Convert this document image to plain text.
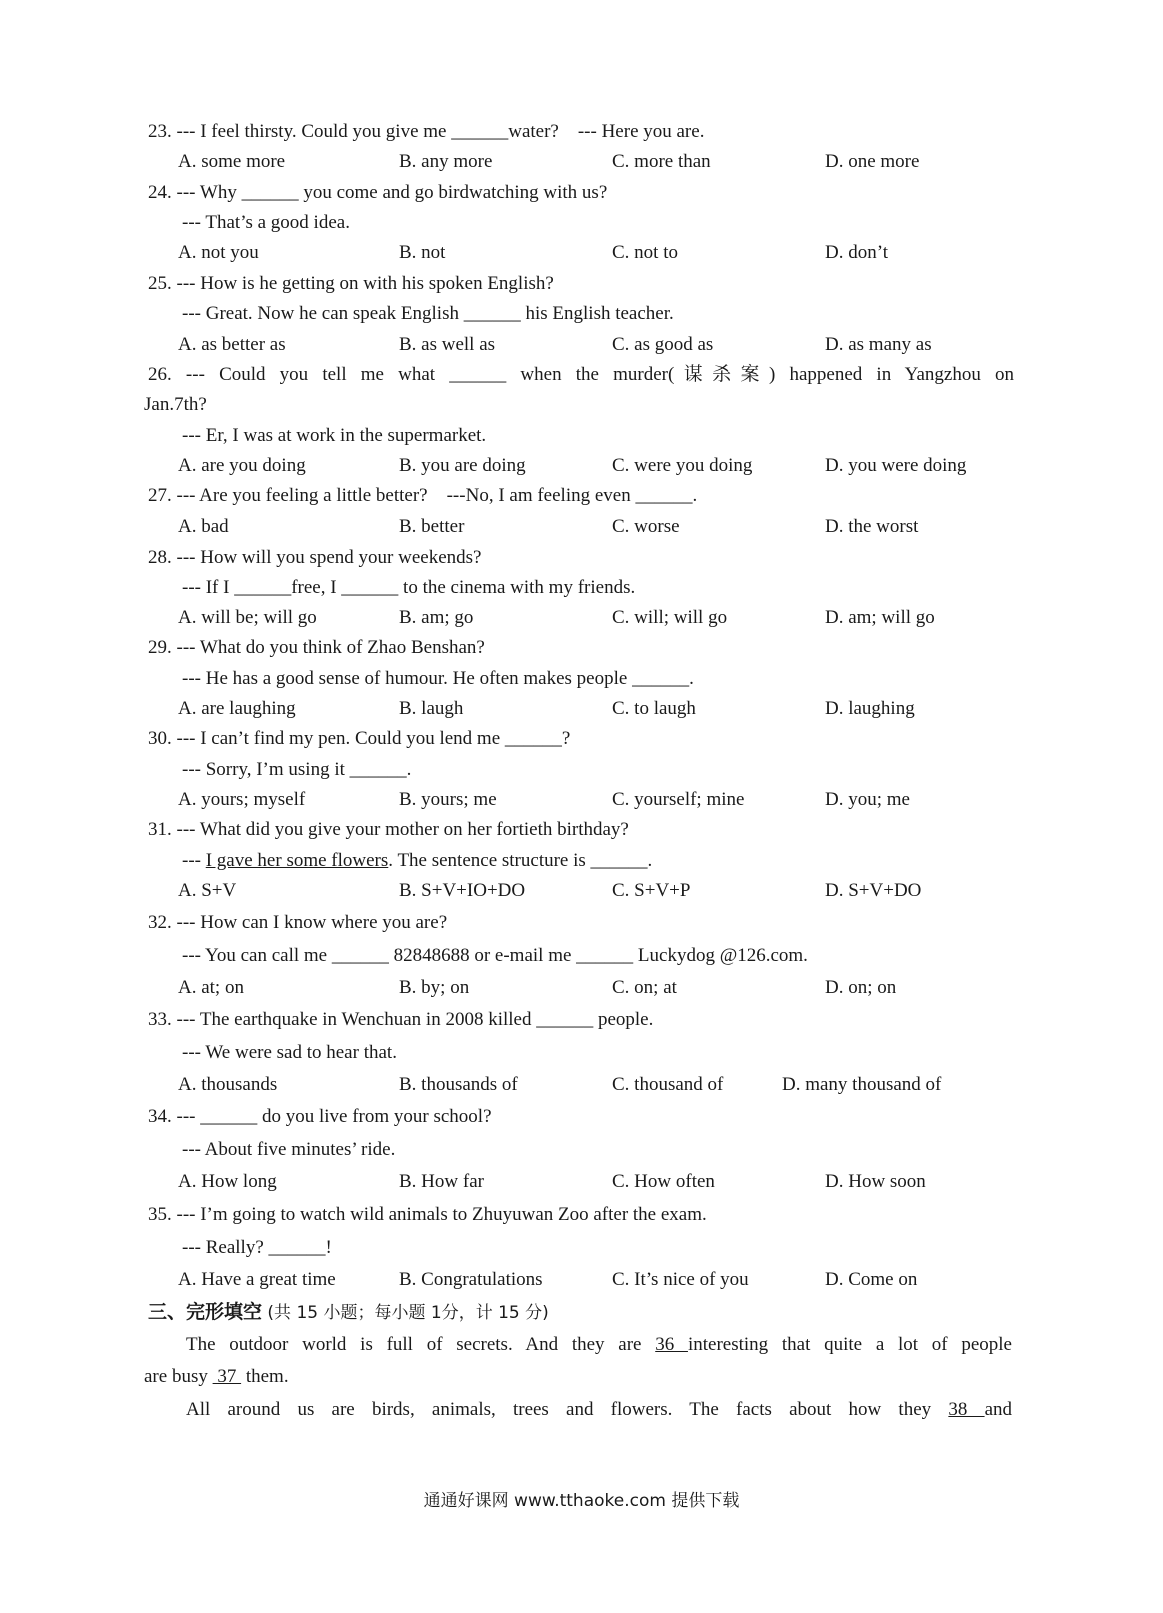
23. --- I feel thirsty. Could you give me ______water?    --- Here you are.
A. some more	B. any more	C. more than	D. one more
24. --- Why ______ you come and go birdwatching with us?
--- That’s a good idea.
A. not you	B. not	C. not to	D. don’t
25. --- How is he getting on with his spoken English?
--- Great. Now he can speak English ______ his English teacher.
A. as better as	B. as well as	C. as good as	D. as many as
26. --- Could you tell me what ______ when the murder(谋杀案) happened in Yangzhou on
Jan.7th?
--- Er, I was at work in the supermarket.
A. are you doing	B. you are doing	C. were you doing	D. you were doing
27. --- Are you feeling a little better?    ---No, I am feeling even ______.
A. bad	B. better	C. worse	D. the worst
28. --- How will you spend your weekends?
--- If I ______free, I ______ to the cinema with my friends.
A. will be; will go	B. am; go	C. will; will go	D. am; will go
29. --- What do you think of Zhao Benshan?
--- He has a good sense of humour. He often makes people ______.
A. are laughing	B. laugh	C. to laugh	D. laughing
30. --- I can’t find my pen. Could you lend me ______?
--- Sorry, I’m using it ______.
A. yours; myself	B. yours; me	C. yourself; mine	D. you; me
31. --- What did you give your mother on her fortieth birthday?
--- I gave her some flowers. The sentence structure is ______.
A. S+V	B. S+V+IO+DO	C. S+V+P	D. S+V+DO
32. --- How can I know where you are?
--- You can call me ______ 82848688 or e-mail me ______ Luckydog @126.com.
A. at; on	B. by; on	C. on; at	D. on; on
33. --- The earthquake in Wenchuan in 2008 killed ______ people.
--- We were sad to hear that.
A. thousands	B. thousands of	C. thousand of	D. many thousand of
34. --- ______ do you live from your school?
--- About five minutes’ ride.
A. How long	B. How far	C. How often	D. How soon
35. --- I’m going to watch wild animals to Zhuyuwan Zoo after the exam.
--- Really? ______!
A. Have a great time	B. Congratulations	C. It’s nice of you	D. Come on
三、完形填空 (共 15 小题；每小题 1分，计 15 分)
The outdoor world is full of secrets. And they are 36 interesting that quite a lot of people
are busy  37  them.
All around us are birds, animals, trees and flowers. The facts about how they 38 and
通通好课网 www.tthaoke.com 提供下载
